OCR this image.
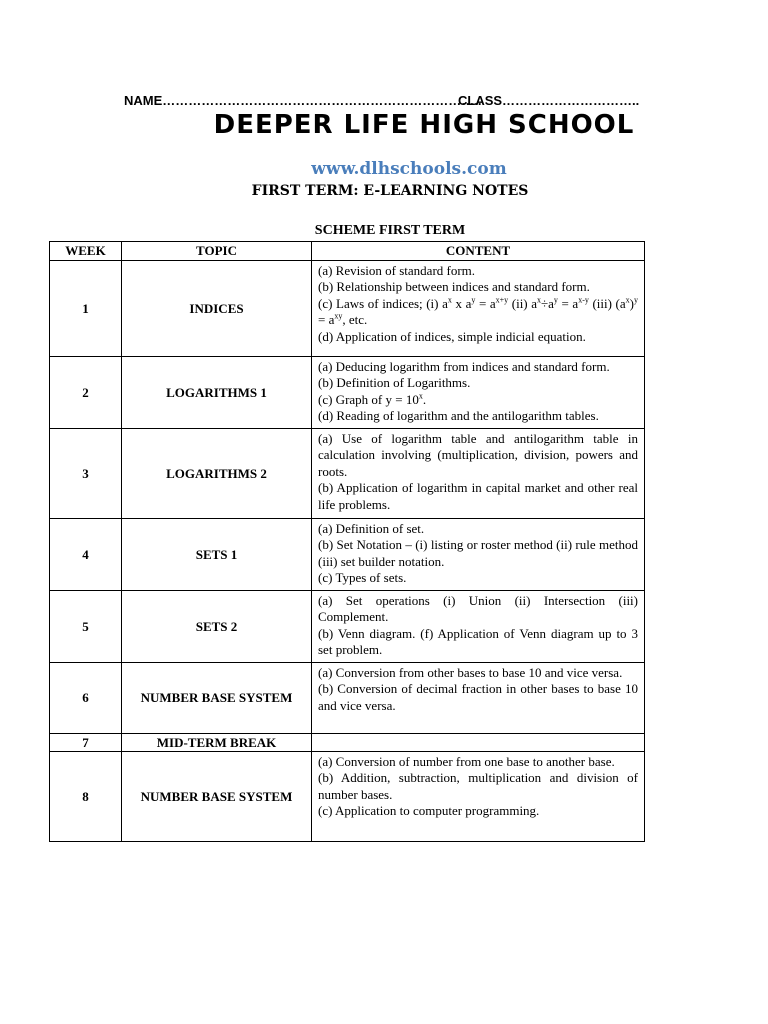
NAME………………………………………………………………..
CLASS…………………………..
DEEPER LIFE HIGH SCHOOL
www.dlhschools.com
FIRST TERM: E-LEARNING NOTES
SCHEME FIRST TERM
WEEK	TOPIC	CONTENT
1	INDICES	(a) Revision of standard form.
(b) Relationship between indices and standard form.
(c) Laws of indices; (i) $a^x$ x $a^y = a^{x+y}$ (ii) $a^x\div a^y = a^{x-y}$ (iii) $(a^x)^y = a^{xy}$, etc.
(d) Application of indices, simple indicial equation.

2	LOGARITHMS 1	(a) Deducing logarithm from indices and standard form.
(b) Definition of Logarithms.
(c) Graph of $y = 10^x$.
(d) Reading of logarithm and the antilogarithm tables.

3	LOGARITHMS 2	(a) Use of logarithm table and antilogarithm table in calculation involving (multiplication, division, powers and roots.
(b) Application of logarithm in capital market and other real life problems.

4	SETS 1	(a) Definition of set.
(b) Set Notation – (i) listing or roster method (ii) rule method (iii) set builder notation.
(c) Types of sets.

5	SETS 2	(a) Set operations (i) Union (ii) Intersection (iii) Complement.
(b) Venn diagram. (f) Application of Venn diagram up to 3 set problem.

6	NUMBER BASE SYSTEM	(a) Conversion from other bases to base 10 and vice versa.
(b) Conversion of decimal fraction in other bases to base 10 and vice versa.

7	MID-TERM BREAK	
8	NUMBER BASE SYSTEM	(a) Conversion of number from one base to another base.
(b) Addition, subtraction, multiplication and division of number bases.
(c) Application to computer programming.
